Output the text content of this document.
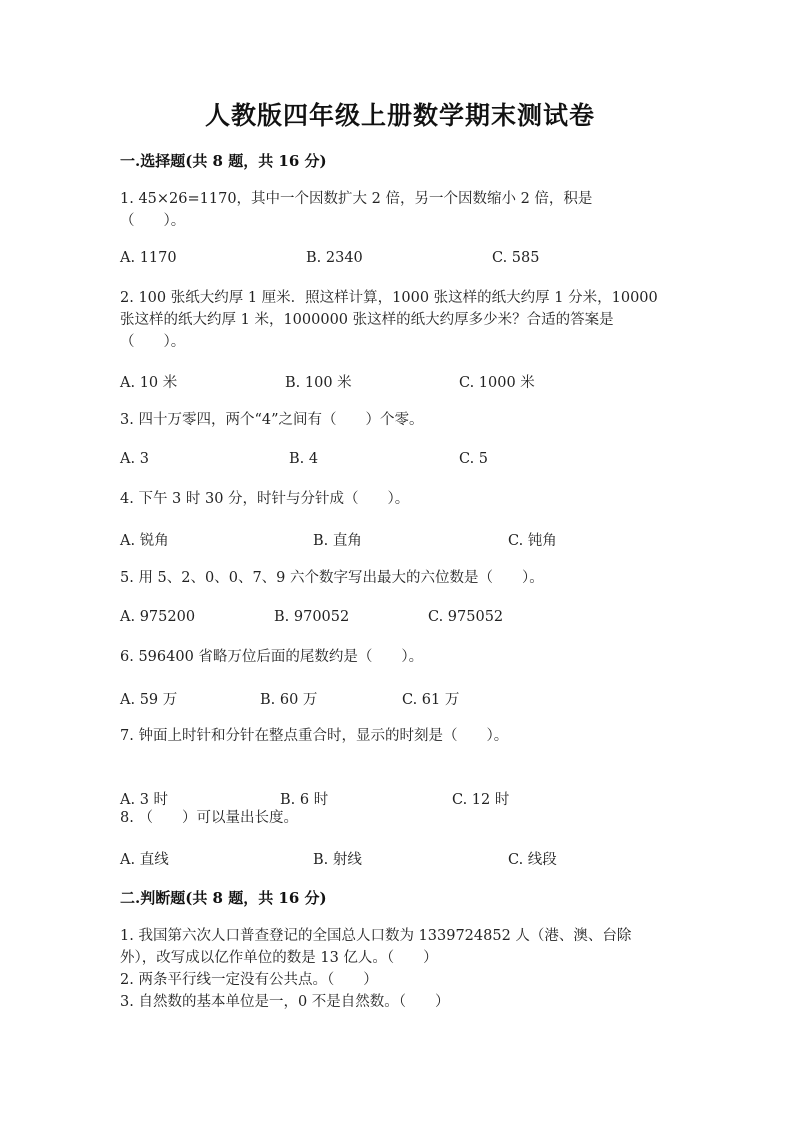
人教版四年级上册数学期末测试卷
一.选择题(共 8 题，共 16 分)
1. 45×26=1170，其中一个因数扩大 2 倍，另一个因数缩小 2 倍，积是
（　　）。
A. 1170	B. 2340	C. 585
2. 100 张纸大约厚 1 厘米．照这样计算，1000 张这样的纸大约厚 1 分米，10000
张这样的纸大约厚 1 米，1000000 张这样的纸大约厚多少米？合适的答案是
（　　）。
A. 10 米	B. 100 米	C. 1000 米
3. 四十万零四，两个“4”之间有（　　）个零。
A. 3	B. 4	C. 5
4. 下午 3 时 30 分，时针与分针成（　　）。
A. 锐角	B. 直角	C. 钝角
5. 用 5、2、0、0、7、9 六个数字写出最大的六位数是（　　）。
A. 975200	B. 970052	C. 975052
6. 596400 省略万位后面的尾数约是（　　）。
A. 59 万	B. 60 万	C. 61 万
7. 钟面上时针和分针在整点重合时，显示的时刻是（　　）。
A. 3 时	B. 6 时	C. 12 时
8. （　　）可以量出长度。
A. 直线	B. 射线	C. 线段
二.判断题(共 8 题，共 16 分)
1. 我国第六次人口普查登记的全国总人口数为 1339724852 人（港、澳、台除
外），改写成以亿作单位的数是 13 亿人。（　　）
2. 两条平行线一定没有公共点。（　　）
3. 自然数的基本单位是一，0 不是自然数。（　　）
